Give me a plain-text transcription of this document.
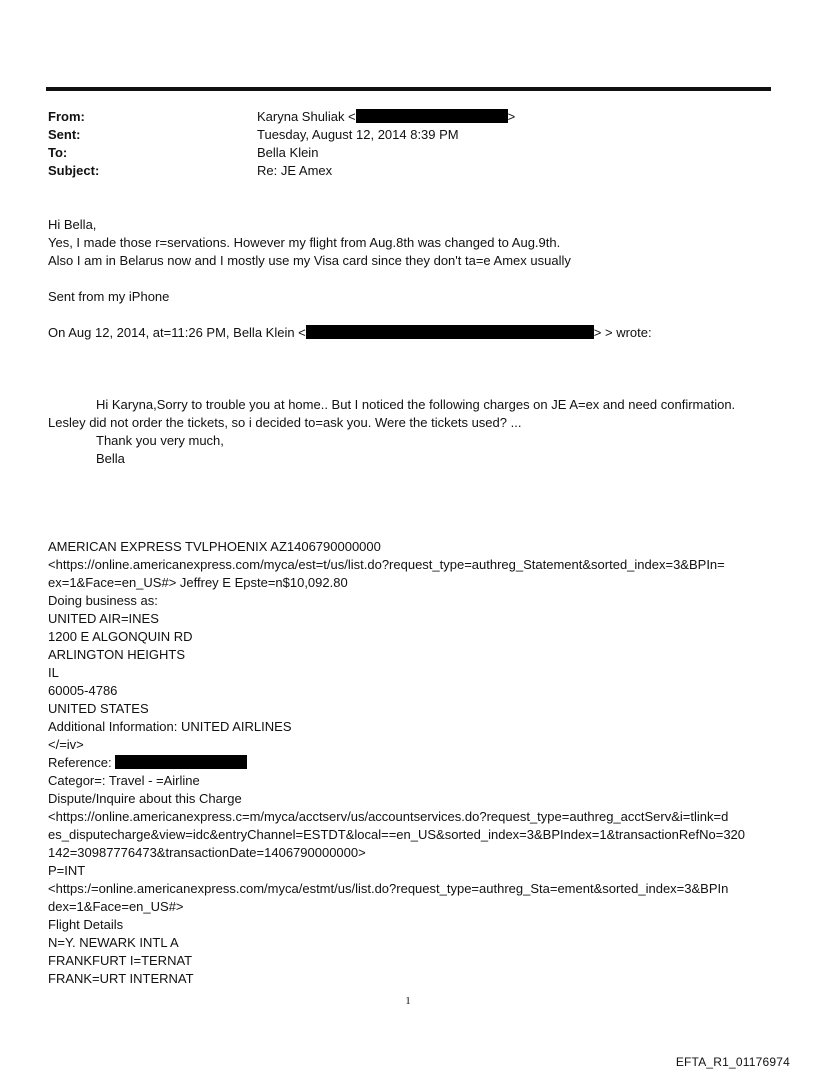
From:	Karyna Shuliak <	>
Sent:	Tuesday, August 12, 2014 8:39 PM
To:	Bella Klein
Subject:	Re: JE Amex
Hi Bella,
Yes, I made those r=servations. However my flight from Aug.8th was changed to Aug.9th.
Also I am in Belarus now and I mostly use my Visa card since they don't ta=e Amex usually
Sent from my iPhone
On Aug 12, 2014, at=11:26 PM, Bella Klein <	> > wrote:
Hi Karyna,Sorry to trouble you at home.. But I noticed the following charges on JE A=ex and need confirmation.
Lesley did not order the tickets, so i decided to=ask you. Were the tickets used? ...
Thank you very much,
Bella
AMERICAN EXPRESS TVLPHOENIX AZ1406790000000
<https://online.americanexpress.com/myca/est=t/us/list.do?request_type=authreg_Statement&sorted_index=3&BPIn=
ex=1&Face=en_US#> Jeffrey E Epste=n$10,092.80
Doing business as:
UNITED AIR=INES
1200 E ALGONQUIN RD
ARLINGTON HEIGHTS
IL
60005-4786
UNITED STATES
Additional Information: UNITED AIRLINES
</=iv>
Reference:
Categor=: Travel - =Airline
Dispute/Inquire about this Charge
<https://online.americanexpress.c=m/myca/acctserv/us/accountservices.do?request_type=authreg_acctServ&i=tlink=d
es_disputecharge&view=idc&entryChannel=ESTDT&local==en_US&sorted_index=3&BPIndex=1&transactionRefNo=320
142=30987776473&transactionDate=1406790000000>
P=INT
<https:/=online.americanexpress.com/myca/estmt/us/list.do?request_type=authreg_Sta=ement&sorted_index=3&BPIn
dex=1&Face=en_US#>
Flight Details
N=Y. NEWARK INTL A
FRANKFURT I=TERNAT
FRANK=URT INTERNAT
1
EFTA_R1_01176974
